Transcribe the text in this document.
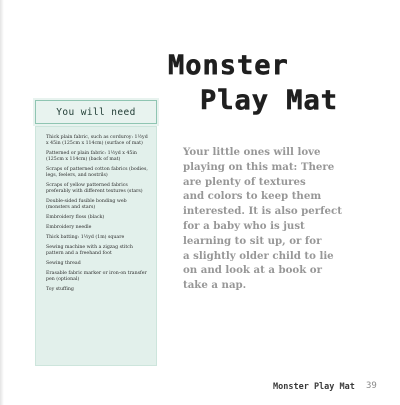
Monster
Play Mat
You will need

Thick plain fabric, such as corduroy: 1½yd x 45in (125cm x 114cm) (surface of mat)

Patterned or plain fabric: 1½yd x 45in (125cm x 114cm) (back of mat)

Scraps of patterned cotton fabrics (bodies, legs, feelers, and nostrils)

Scraps of yellow patterned fabrics preferably with different textures (stars)

Double-sided fusible bonding web (monsters and stars)

Embroidery floss (black)

Embroidery needle

Thick batting: 1½yd (1m) square

Sewing machine with a zigzag stitch pattern and a freehand foot

Sewing thread

Erasable fabric marker or iron-on transfer pen (optional)

Toy stuffing

Your little ones will love
playing on this mat: There
are plenty of textures
and colors to keep them
interested. It is also perfect
for a baby who is just
learning to sit up, or for
a slightly older child to lie
on and look at a book or
take a nap.
Monster Play Mat 39
